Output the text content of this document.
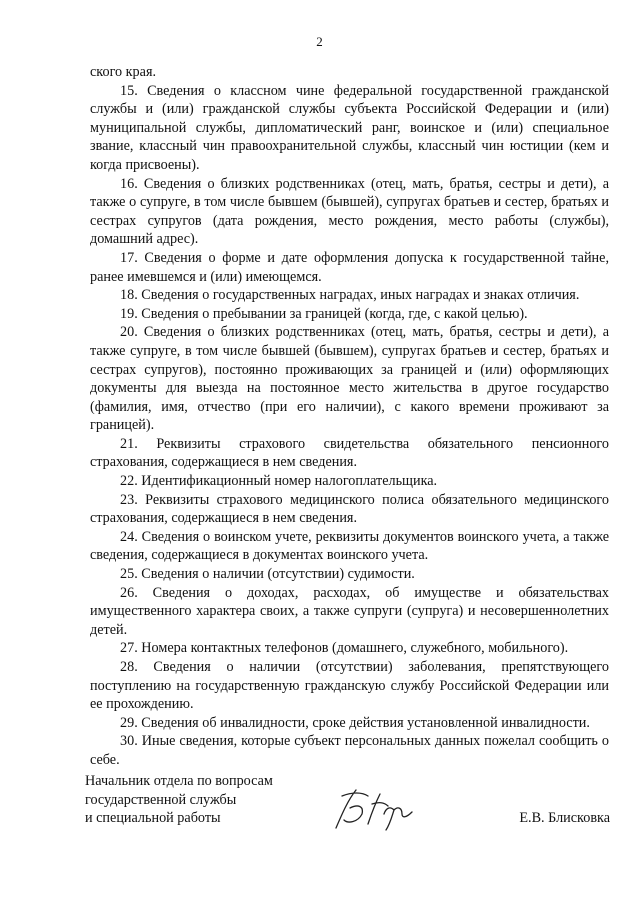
2

ского края.

15. Сведения о классном чине федеральной государственной гражданской службы и (или) гражданской службы субъекта Российской Федерации и (или) муниципальной службы, дипломатический ранг, воинское и (или) специальное звание, классный чин правоохранительной службы, классный чин юстиции (кем и когда присвоены).

16. Сведения о близких родственниках (отец, мать, братья, сестры и дети), а также о супруге, в том числе бывшем (бывшей), супругах братьев и сестер, братьях и сестрах супругов (дата рождения, место рождения, место работы (службы), домашний адрес).

17. Сведения о форме и дате оформления допуска к государственной тайне, ранее имевшемся и (или) имеющемся.

18. Сведения о государственных наградах, иных наградах и знаках отличия.

19. Сведения о пребывании за границей (когда, где, с какой целью).

20. Сведения о близких родственниках (отец, мать, братья, сестры и дети), а также супруге, в том числе бывшей (бывшем), супругах братьев и сестер, братьях и сестрах супругов), постоянно проживающих за границей и (или) оформляющих документы для выезда на постоянное место жительства в другое государство (фамилия, имя, отчество (при его наличии), с какого времени проживают за границей).

21. Реквизиты страхового свидетельства обязательного пенсионного страхования, содержащиеся в нем сведения.

22. Идентификационный номер налогоплательщика.

23. Реквизиты страхового медицинского полиса обязательного медицинского страхования, содержащиеся в нем сведения.

24. Сведения о воинском учете, реквизиты документов воинского учета, а также сведения, содержащиеся в документах воинского учета.

25. Сведения о наличии (отсутствии) судимости.

26. Сведения о доходах, расходах, об имуществе и обязательствах имущественного характера своих, а также супруги (супруга) и несовершеннолетних детей.

27. Номера контактных телефонов (домашнего, служебного, мобильного).

28. Сведения о наличии (отсутствии) заболевания, препятствующего поступлению на государственную гражданскую службу Российской Федерации или ее прохождению.

29. Сведения об инвалидности, сроке действия установленной инвалидности.

30. Иные сведения, которые субъект персональных данных пожелал сообщить о себе.

Начальник отдела по вопросам
государственной службы
и специальной работы	Е.В. Блисковка
